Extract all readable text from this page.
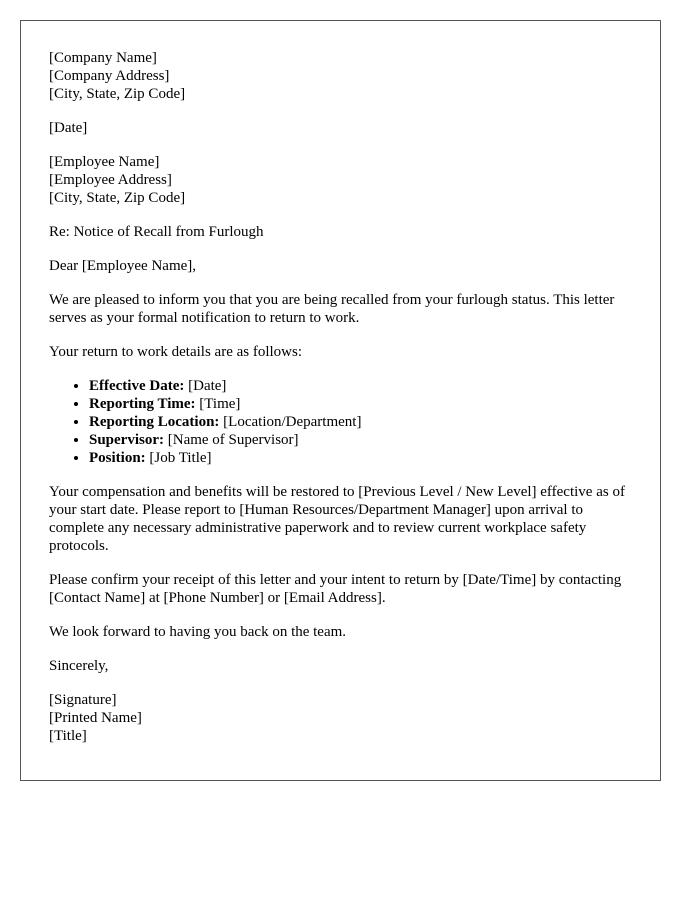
[Company Name]
[Company Address]
[City, State, Zip Code]

[Date]

[Employee Name]
[Employee Address]
[City, State, Zip Code]

Re: Notice of Recall from Furlough

Dear [Employee Name],

We are pleased to inform you that you are being recalled from your furlough status. This letter serves as your formal notification to return to work.

Your return to work details are as follows:

• Effective Date: [Date]
• Reporting Time: [Time]
• Reporting Location: [Location/Department]
• Supervisor: [Name of Supervisor]
• Position: [Job Title]

Your compensation and benefits will be restored to [Previous Level / New Level] effective as of your start date. Please report to [Human Resources/Department Manager] upon arrival to complete any necessary administrative paperwork and to review current workplace safety protocols.

Please confirm your receipt of this letter and your intent to return by [Date/Time] by contacting [Contact Name] at [Phone Number] or [Email Address].

We look forward to having you back on the team.

Sincerely,

[Signature]
[Printed Name]
[Title]
